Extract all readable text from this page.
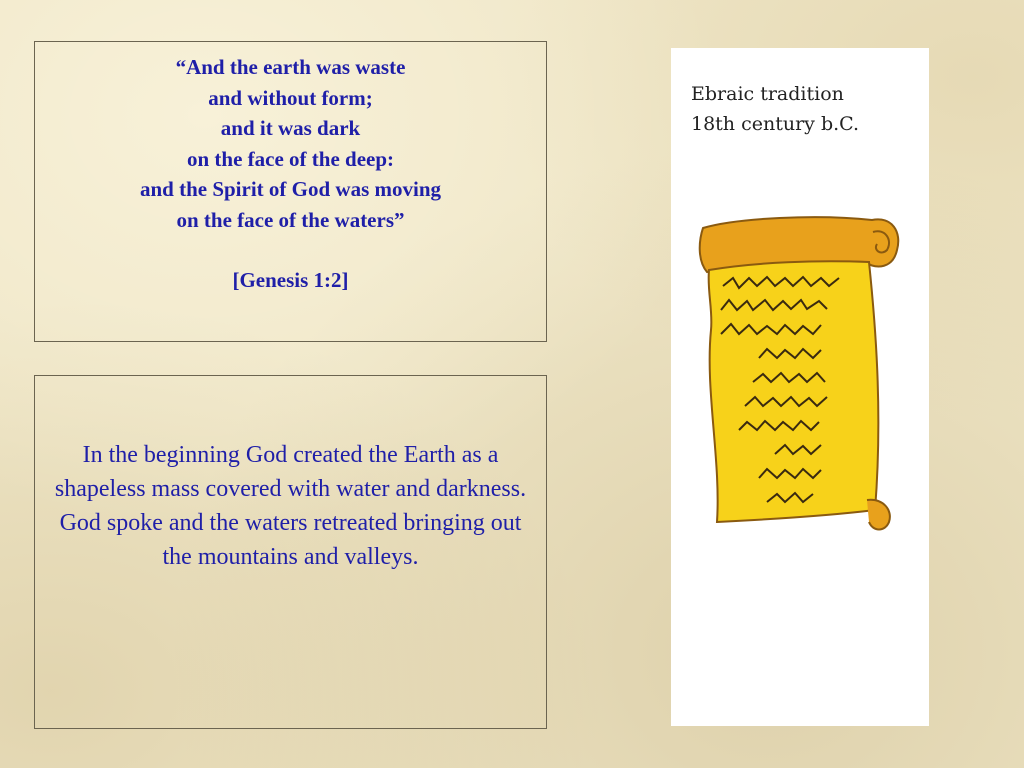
“And the earth was waste
and without form;
and it was dark
on the face of the deep:
and the Spirit of God was moving
on the face of the waters”
[Genesis 1:2]
In the beginning God created the Earth as a shapeless mass covered with water and darkness. God spoke and the waters retreated bringing out the mountains and valleys.
Ebraic tradition
18th century b.C.
